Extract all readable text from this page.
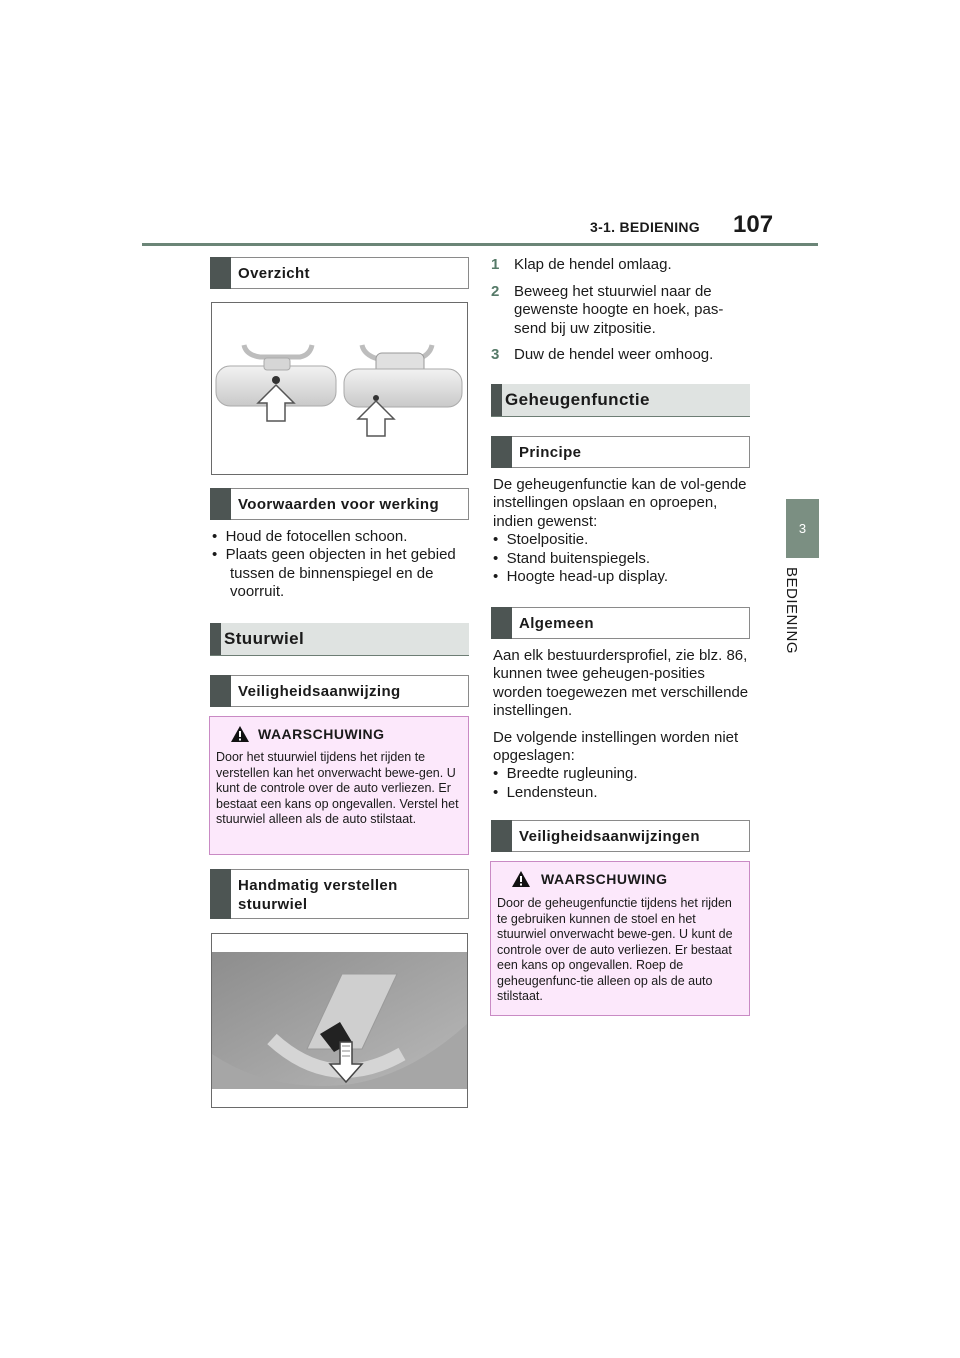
3-1. BEDIENING 107
3
BEDIENING
Overzicht
Voorwaarden voor werking
•  Houd de fotocellen schoon.
•  Plaats geen objecten in het gebied tussen de binnenspiegel en de voorruit.
Stuurwiel
Veiligheidsaanwijzing
WAARSCHUWING
Door het stuurwiel tijdens het rijden te verstellen kan het onverwacht bewe-gen. U kunt de controle over de auto verliezen. Er bestaat een kans op ongevallen. Verstel het stuurwiel alleen als de auto stilstaat.
Handmatig verstellen stuurwiel
1 Klap de hendel omlaag.
2 Beweeg het stuurwiel naar de gewenste hoogte en hoek, pas-send bij uw zitpositie.
3 Duw de hendel weer omhoog.
Geheugenfunctie
Principe
De geheugenfunctie kan de vol-gende instellingen opslaan en oproepen, indien gewenst:
•  Stoelpositie.
•  Stand buitenspiegels.
•  Hoogte head-up display.
Algemeen
Aan elk bestuurdersprofiel, zie blz. 86, kunnen twee geheugen-posities worden toegewezen met verschillende instellingen.
De volgende instellingen worden niet opgeslagen:
•  Breedte rugleuning.
•  Lendensteun.
Veiligheidsaanwijzingen
WAARSCHUWING
Door de geheugenfunctie tijdens het rijden te gebruiken kunnen de stoel en het stuurwiel onverwacht bewe-gen. U kunt de controle over de auto verliezen. Er bestaat een kans op ongevallen. Roep de geheugenfunc-tie alleen op als de auto stilstaat.
